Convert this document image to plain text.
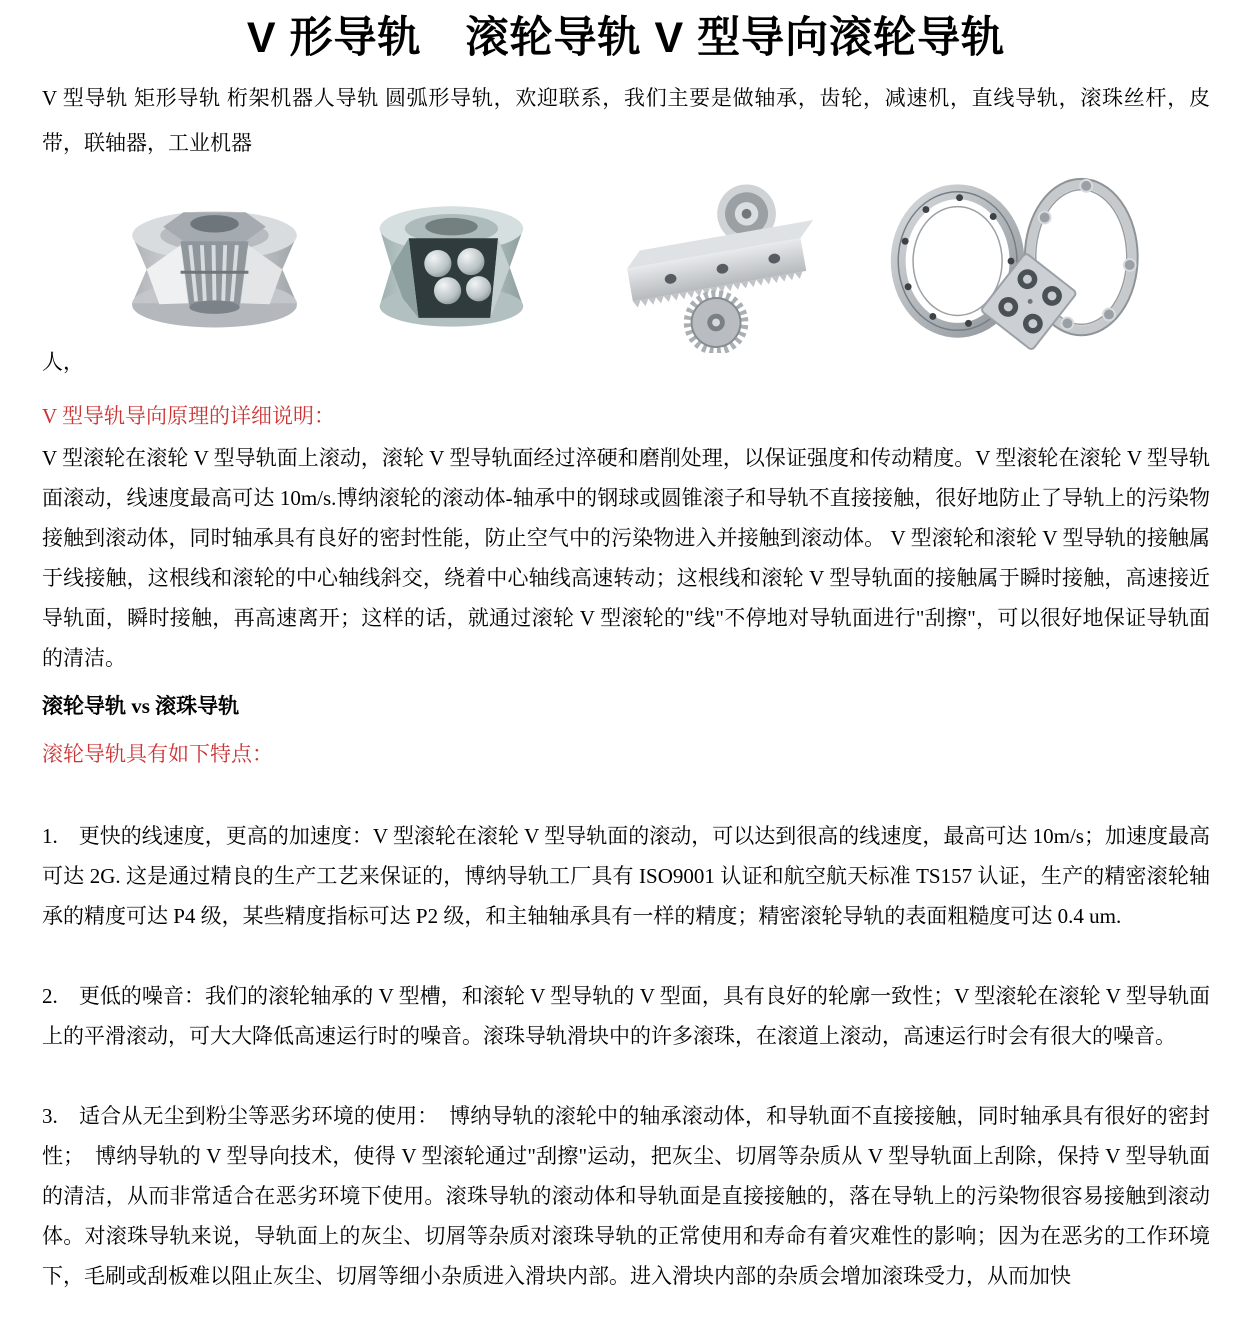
V 形导轨　滚轮导轨 V 型导向滚轮导轨

V 型导轨 矩形导轨 桁架机器人导轨 圆弧形导轨，欢迎联系，我们主要是做轴承，齿轮，减速机，直线导轨，滚珠丝杆，皮带，联轴器，工业机器

人，

V 型导轨导向原理的详细说明：

V 型滚轮在滚轮 V 型导轨面上滚动，滚轮 V 型导轨面经过淬硬和磨削处理，以保证强度和传动精度。V 型滚轮在滚轮 V 型导轨面滚动，线速度最高可达 10m/s.博纳滚轮的滚动体-轴承中的钢球或圆锥滚子和导轨不直接接触，很好地防止了导轨上的污染物接触到滚动体，同时轴承具有良好的密封性能，防止空气中的污染物进入并接触到滚动体。 V 型滚轮和滚轮 V 型导轨的接触属于线接触，这根线和滚轮的中心轴线斜交，绕着中心轴线高速转动；这根线和滚轮 V 型导轨面的接触属于瞬时接触，高速接近导轨面，瞬时接触，再高速离开；这样的话，就通过滚轮 V 型滚轮的"线"不停地对导轨面进行"刮擦"，可以很好地保证导轨面的清洁。

滚轮导轨 vs 滚珠导轨

滚轮导轨具有如下特点：

1.　更快的线速度，更高的加速度：V 型滚轮在滚轮 V 型导轨面的滚动，可以达到很高的线速度，最高可达 10m/s；加速度最高可达 2G. 这是通过精良的生产工艺来保证的，博纳导轨工厂具有 ISO9001 认证和航空航天标准 TS157 认证，生产的精密滚轮轴承的精度可达 P4 级，某些精度指标可达 P2 级，和主轴轴承具有一样的精度；精密滚轮导轨的表面粗糙度可达 0.4 um.

2.　更低的噪音：我们的滚轮轴承的 V 型槽，和滚轮 V 型导轨的 V 型面，具有良好的轮廓一致性；V 型滚轮在滚轮 V 型导轨面上的平滑滚动，可大大降低高速运行时的噪音。滚珠导轨滑块中的许多滚珠，在滚道上滚动，高速运行时会有很大的噪音。

3.　适合从无尘到粉尘等恶劣环境的使用：　博纳导轨的滚轮中的轴承滚动体，和导轨面不直接接触，同时轴承具有很好的密封性；　博纳导轨的 V 型导向技术，使得 V 型滚轮通过"刮擦"运动，把灰尘、切屑等杂质从 V 型导轨面上刮除，保持 V 型导轨面的清洁，从而非常适合在恶劣环境下使用。滚珠导轨的滚动体和导轨面是直接接触的，落在导轨上的污染物很容易接触到滚动体。对滚珠导轨来说，导轨面上的灰尘、切屑等杂质对滚珠导轨的正常使用和寿命有着灾难性的影响；因为在恶劣的工作环境下，毛刷或刮板难以阻止灰尘、切屑等细小杂质进入滑块内部。进入滑块内部的杂质会增加滚珠受力，从而加快
